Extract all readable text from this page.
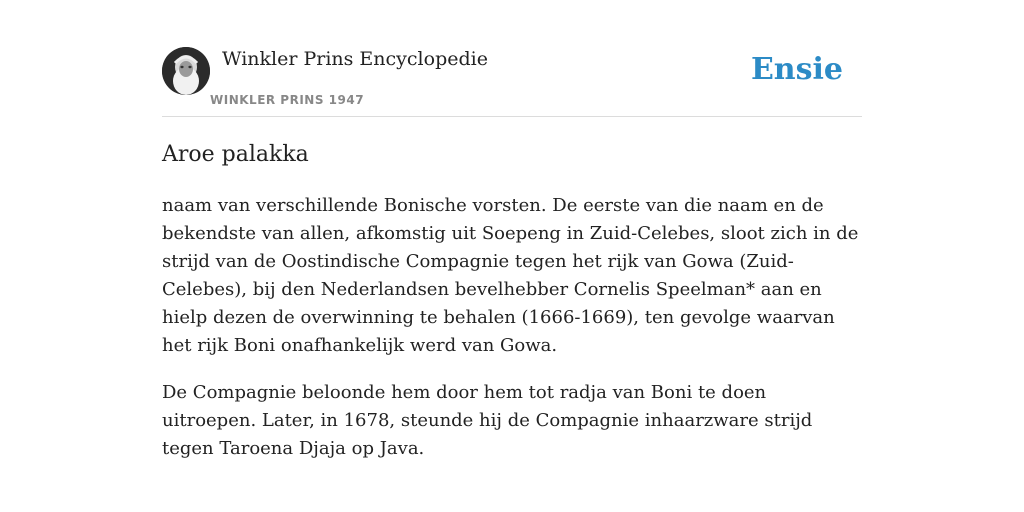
Winkler Prins Encyclopedie
WINKLER PRINS 1947
Ensie
Aroe palakka

naam van verschillende Bonische vorsten. De eerste van die naam en de bekendste van allen, afkomstig uit Soepeng in Zuid-Celebes, sloot zich in de strijd van de Oostindische Compagnie tegen het rijk van Gowa (Zuid-Celebes), bij den Nederlandsen bevelhebber Cornelis Speelman* aan en hielp dezen de overwinning te behalen (1666-1669), ten gevolge waarvan het rijk Boni onafhankelijk werd van Gowa.

De Compagnie beloonde hem door hem tot radja van Boni te doen uitroepen. Later, in 1678, steunde hij de Compagnie inhaarzware strijd tegen Taroena Djaja op Java.
